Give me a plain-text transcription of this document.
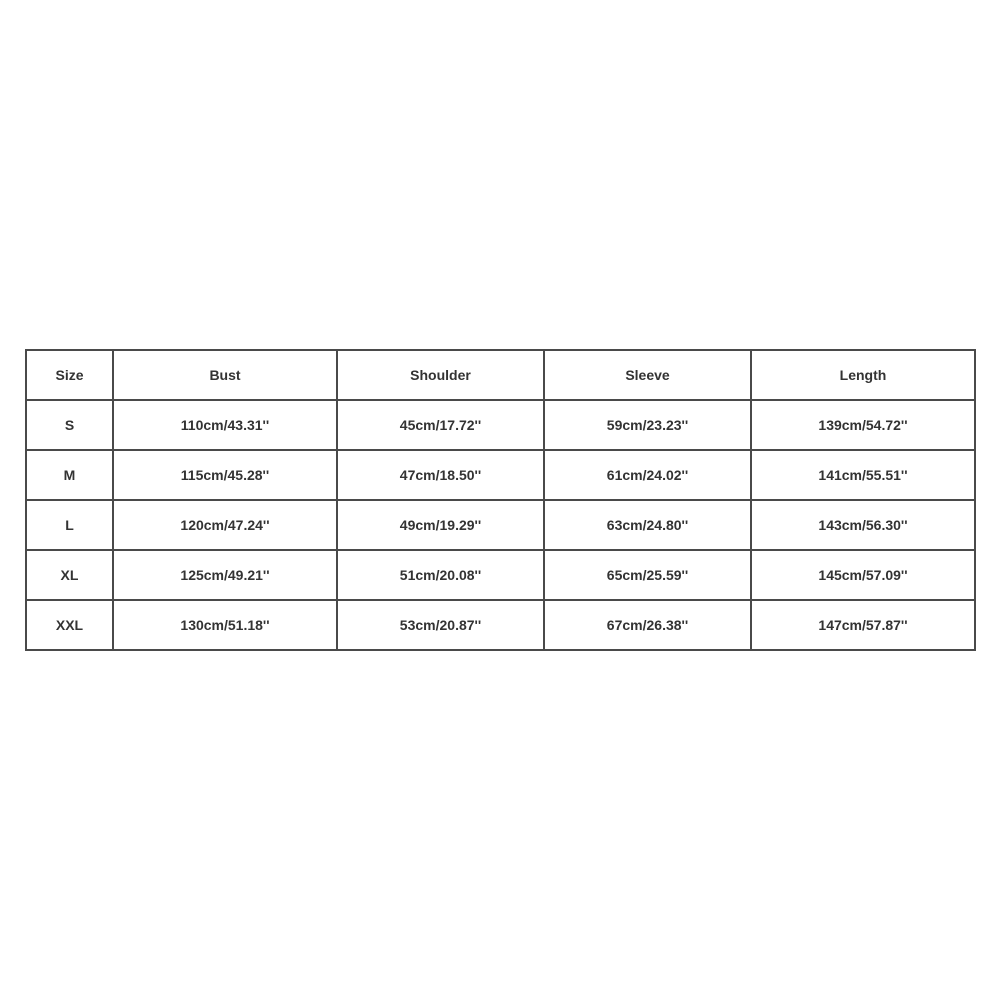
Size	Bust	Shoulder	Sleeve	Length
S	110cm/43.31''	45cm/17.72''	59cm/23.23''	139cm/54.72''
M	115cm/45.28''	47cm/18.50''	61cm/24.02''	141cm/55.51''
L	120cm/47.24''	49cm/19.29''	63cm/24.80''	143cm/56.30''
XL	125cm/49.21''	51cm/20.08''	65cm/25.59''	145cm/57.09''
XXL	130cm/51.18''	53cm/20.87''	67cm/26.38''	147cm/57.87''
